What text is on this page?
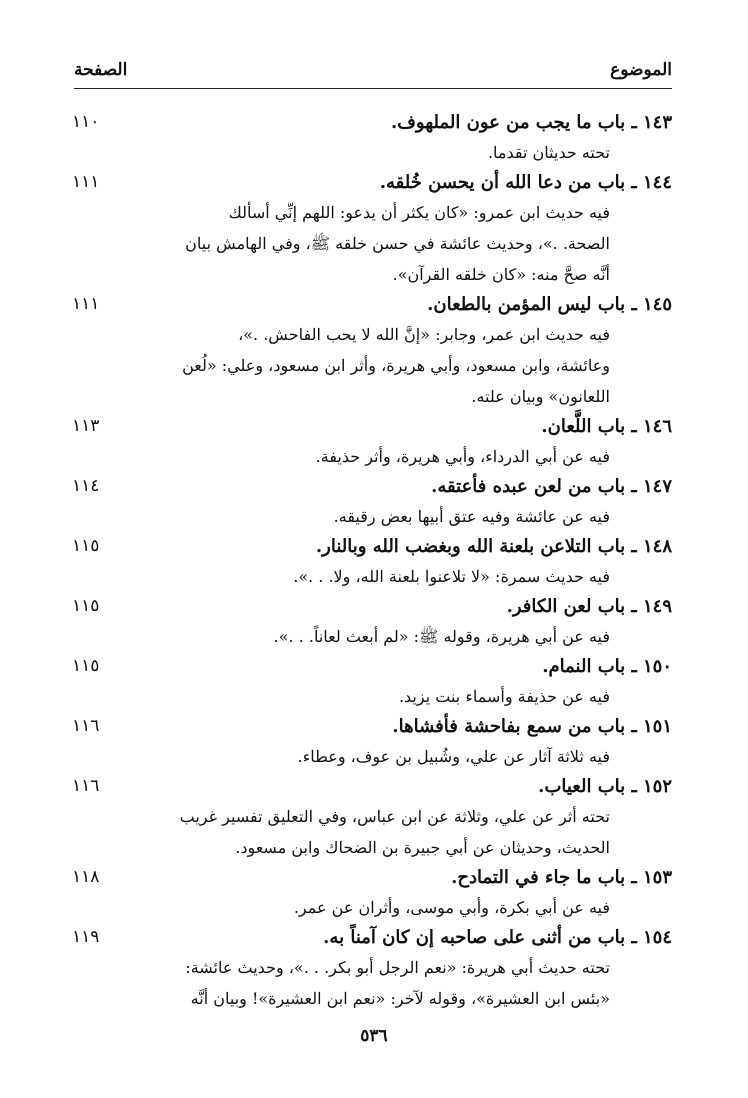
الموضوع
الصفحة
١٤٣ ـ باب ما يجب من عون الملهوف.
١١٠
تحته حديثان تقدما.
١٤٤ ـ باب من دعا الله أن يحسن خُلقه.
١١١
فيه حديث ابن عمرو: «كان يكثر أن يدعو: اللهم إنِّي أسألك
الصحة. .»، وحديث عائشة في حسن خلقه ﷺ، وفي الهامش بيان
أنَّه صحَّ منه: «كان خلقه القرآن».
١٤٥ ـ باب ليس المؤمن بالطعان.
١١١
فيه حديث ابن عمر، وجابر: «إنَّ الله لا يحب الفاحش. .»،
وعائشة، وابن مسعود، وأبي هريرة، وأثر ابن مسعود، وعلي: «لُعن
اللعانون» وبيان علته.
١٤٦ ـ باب اللَّعان.
١١٣
فيه عن أبي الدرداء، وأبي هريرة، وأثر حذيفة.
١٤٧ ـ باب من لعن عبده فأعتقه.
١١٤
فيه عن عائشة وفيه عتق أبيها بعض رقيقه.
١٤٨ ـ باب التلاعن بلعنة الله وبغضب الله وبالنار.
١١٥
فيه حديث سمرة: «لا تلاعنوا بلعنة الله، ولا. . .».
١٤٩ ـ باب لعن الكافر.
١١٥
فيه عن أبي هريرة، وقوله ﷺ: «لم أبعث لعاناً. . .».
١٥٠ ـ باب النمام.
١١٥
فيه عن حذيفة وأسماء بنت يزيد.
١٥١ ـ باب من سمع بفاحشة فأفشاها.
١١٦
فيه ثلاثة آثار عن علي، وشُبيل بن عوف، وعطاء.
١٥٢ ـ باب العياب.
١١٦
تحته أثر عن علي، وثلاثة عن ابن عباس، وفي التعليق تفسير غريب
الحديث، وحديثان عن أبي جبيرة بن الضحاك وابن مسعود.
١٥٣ ـ باب ما جاء في التمادح.
١١٨
فيه عن أبي بكرة، وأبي موسى، وأثران عن عمر.
١٥٤ ـ باب من أثنى على صاحبه إن كان آمناً به.
١١٩
تحته حديث أبي هريرة: «نعم الرجل أبو بكر. . .»، وحديث عائشة:
«بئس ابن العشيرة»، وقوله لآخر: «نعم ابن العشيرة»! وبيان أنَّه
٥٣٦
